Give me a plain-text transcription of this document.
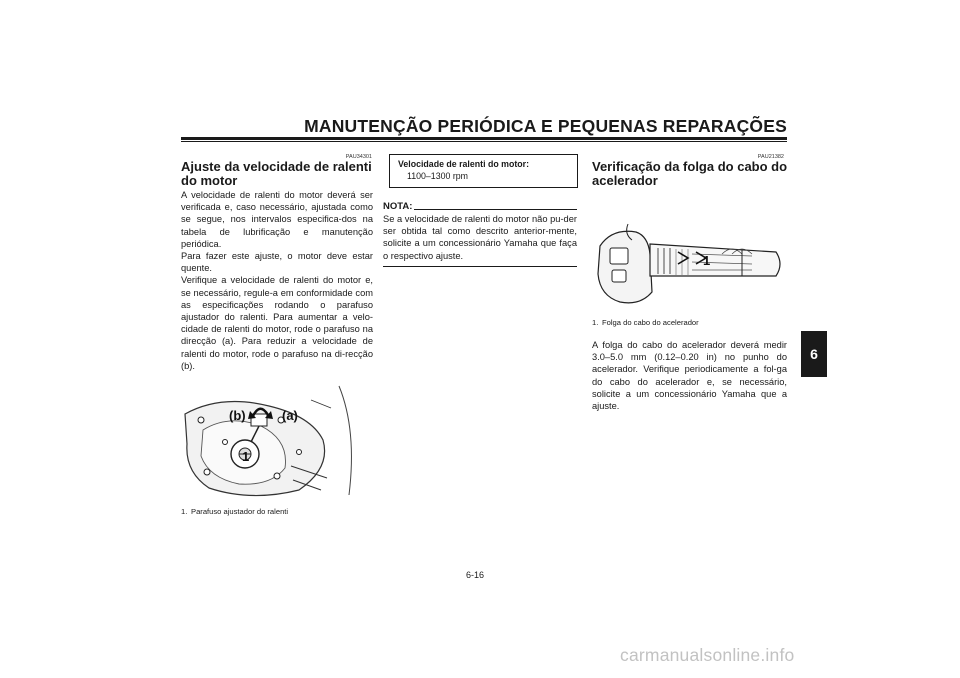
MANUTENÇÃO PERIÓDICA E PEQUENAS REPARAÇÕES
6
PAU34301
Ajuste da velocidade de ralenti do motor
A velocidade de ralenti do motor deverá ser verificada e, caso necessário, ajustada como se segue, nos intervalos especifica-dos na tabela de lubrificação e manutenção periódica.
Para fazer este ajuste, o motor deve estar quente.
Verifique a velocidade de ralenti do motor e, se necessário, regule-a em conformidade com as especificações rodando o parafuso ajustador do ralenti. Para aumentar a velo-cidade de ralenti do motor, rode o parafuso na direcção (a). Para reduzir a velocidade de ralenti do motor, rode o parafuso na di-recção (b).
(b)	(a)
1
1. Parafuso ajustador do ralenti
Velocidade de ralenti do motor:
1100–1300 rpm
NOTA:
Se a velocidade de ralenti do motor não pu-der ser obtida tal como descrito anterior-mente, solicite a um concessionário Yamaha que faça o respectivo ajuste.
PAU21382
Verificação da folga do cabo do acelerador
1
1. Folga do cabo do acelerador
A folga do cabo do acelerador deverá medir 3.0–5.0 mm (0.12–0.20 in) no punho do acelerador. Verifique periodicamente a fol-ga do cabo do acelerador e, se necessário, solicite a um concessionário Yamaha que a ajuste.
6-16
carmanualsonline.info
